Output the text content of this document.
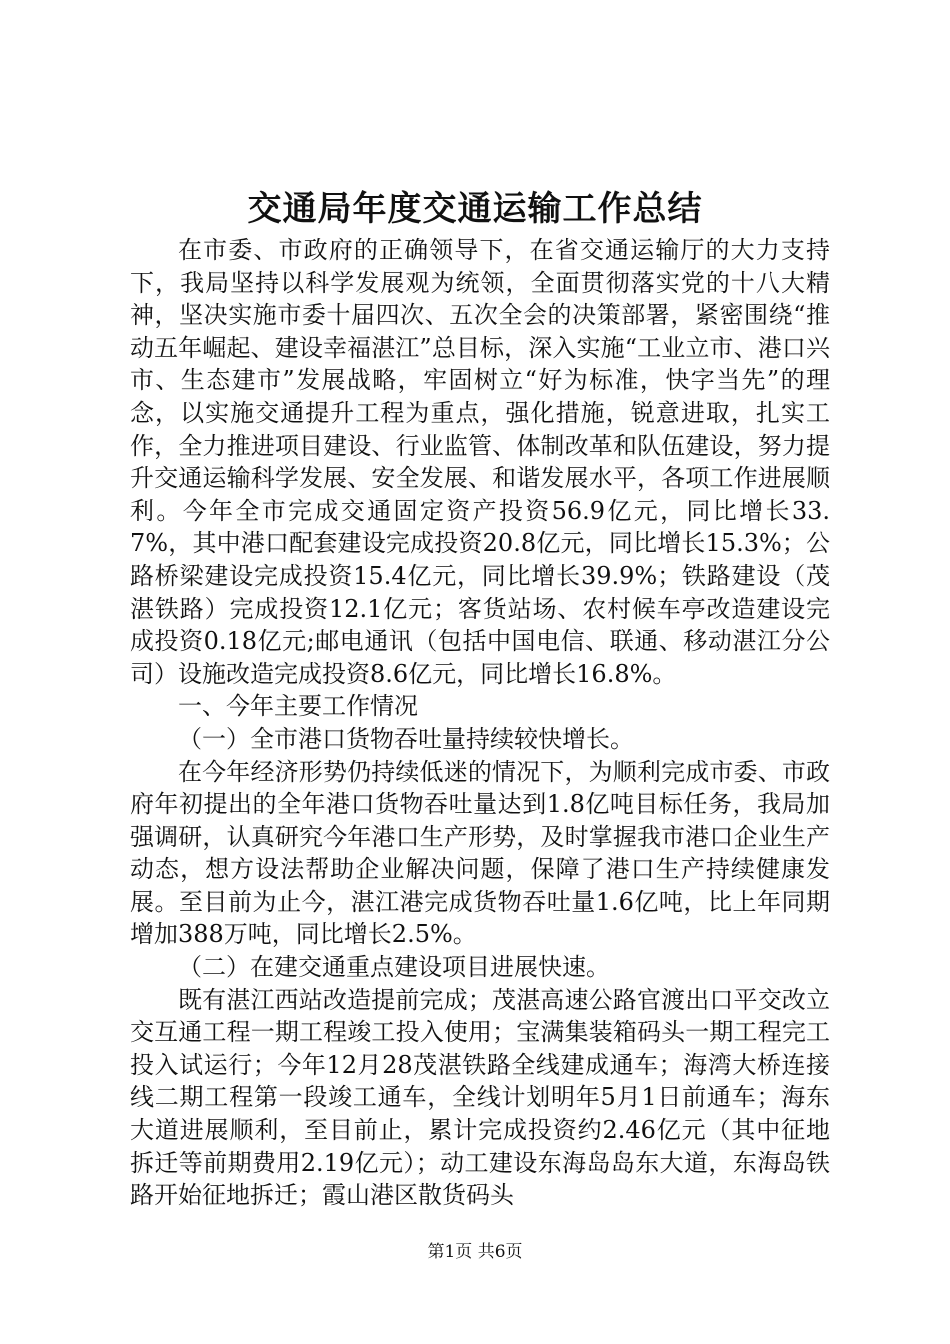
交通局年度交通运输工作总结

在市委、市政府的正确领导下，在省交通运输厅的大力支持下，我局坚持以科学发展观为统领，全面贯彻落实党的十八大精神，坚决实施市委十届四次、五次全会的决策部署，紧密围绕“推动五年崛起、建设幸福湛江”总目标，深入实施“工业立市、港口兴市、生态建市”发展战略，牢固树立“好为标准，快字当先”的理念，以实施交通提升工程为重点，强化措施，锐意进取，扎实工作，全力推进项目建设、行业监管、体制改革和队伍建设，努力提升交通运输科学发展、安全发展、和谐发展水平，各项工作进展顺利。今年全市完成交通固定资产投资56.9亿元，同比增长33.7%，其中港口配套建设完成投资20.8亿元，同比增长15.3%；公路桥梁建设完成投资15.4亿元，同比增长39.9%；铁路建设（茂湛铁路）完成投资12.1亿元；客货站场、农村候车亭改造建设完成投资0.18亿元;邮电通讯（包括中国电信、联通、移动湛江分公司）设施改造完成投资8.6亿元，同比增长16.8%。

一、今年主要工作情况

（一）全市港口货物吞吐量持续较快增长。

在今年经济形势仍持续低迷的情况下，为顺利完成市委、市政府年初提出的全年港口货物吞吐量达到1.8亿吨目标任务，我局加强调研，认真研究今年港口生产形势，及时掌握我市港口企业生产动态，想方设法帮助企业解决问题，保障了港口生产持续健康发展。至目前为止今，湛江港完成货物吞吐量1.6亿吨，比上年同期增加388万吨，同比增长2.5%。

（二）在建交通重点建设项目进展快速。

既有湛江西站改造提前完成；茂湛高速公路官渡出口平交改立交互通工程一期工程竣工投入使用；宝满集装箱码头一期工程完工投入试运行；今年12月28茂湛铁路全线建成通车；海湾大桥连接线二期工程第一段竣工通车，全线计划明年5月1日前通车；海东大道进展顺利，至目前止，累计完成投资约2.46亿元（其中征地拆迁等前期费用2.19亿元）；动工建设东海岛岛东大道，东海岛铁路开始征地拆迁；霞山港区散货码头

第1页 共6页
